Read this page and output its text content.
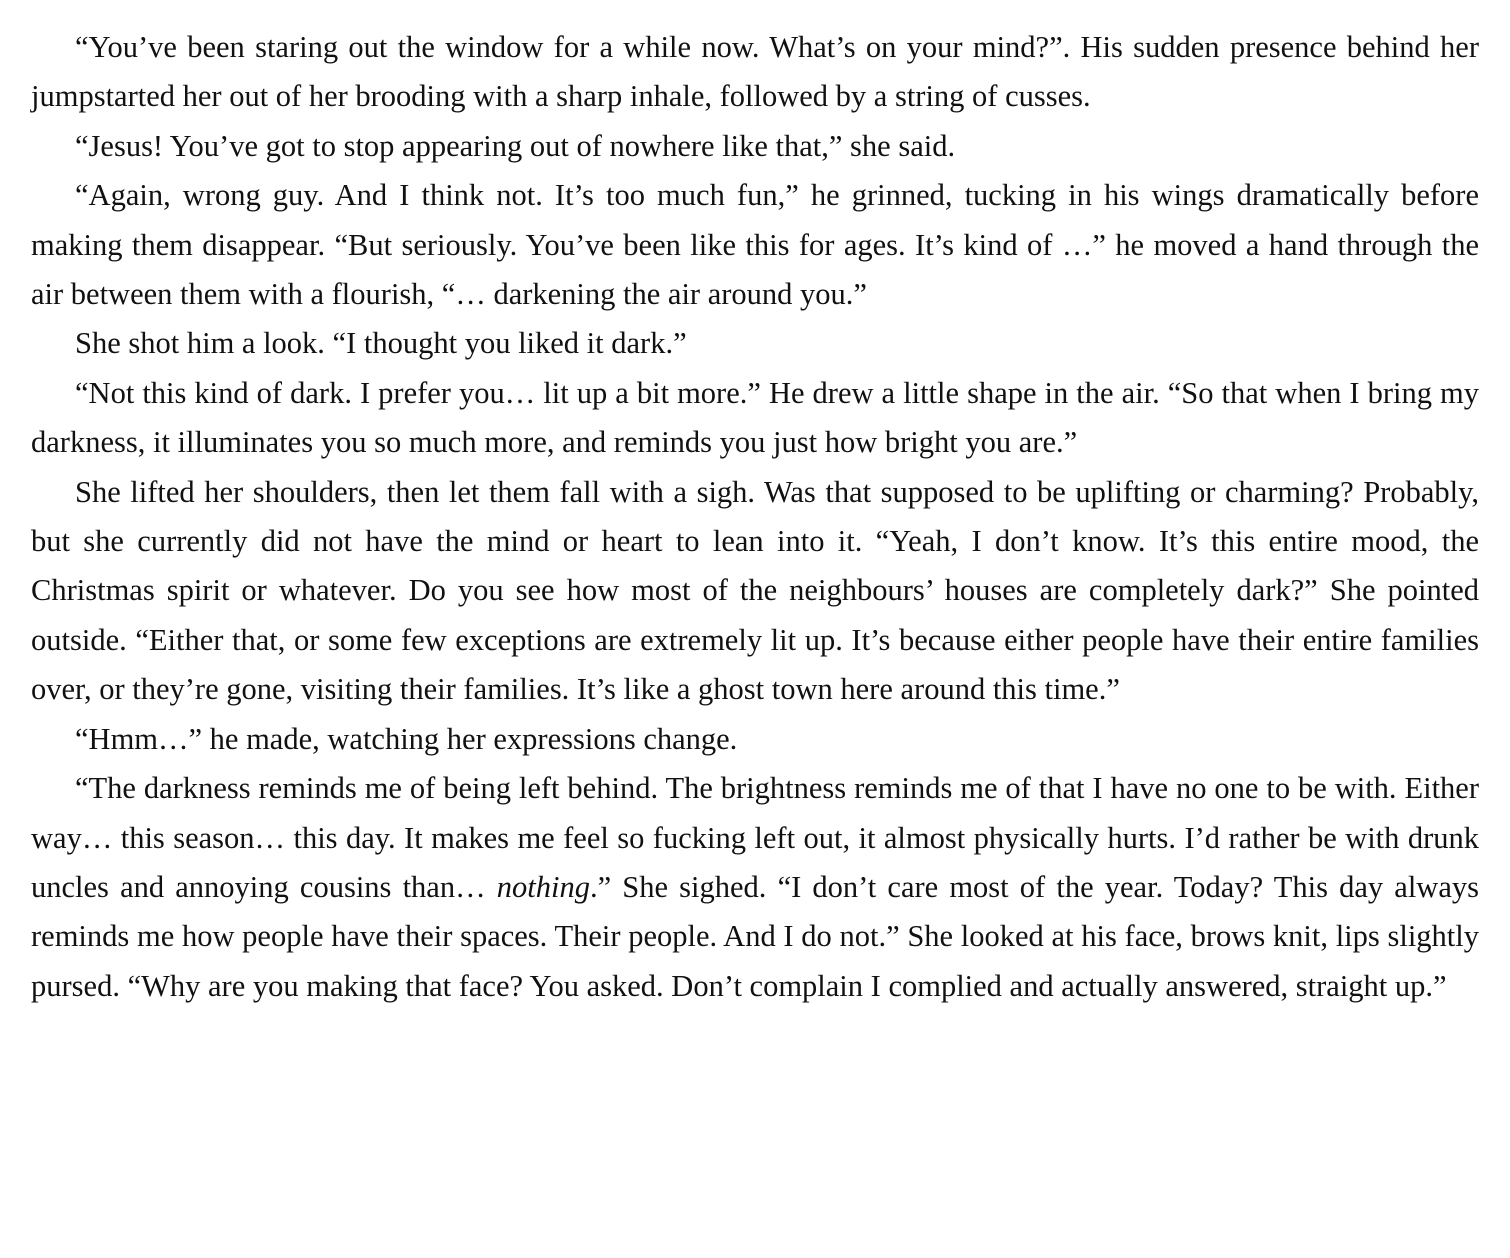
“You’ve been staring out the window for a while now. What’s on your mind?”. His sudden presence behind her jumpstarted her out of her brooding with a sharp inhale, followed by a string of cusses.

“Jesus! You’ve got to stop appearing out of nowhere like that,” she said.

“Again, wrong guy. And I think not. It’s too much fun,” he grinned, tucking in his wings dramatically before making them disappear. “But seriously. You’ve been like this for ages. It’s kind of …” he moved a hand through the air between them with a flourish, “… darkening the air around you.”

She shot him a look. “I thought you liked it dark.”

“Not this kind of dark. I prefer you… lit up a bit more.” He drew a little shape in the air. “So that when I bring my darkness, it illuminates you so much more, and reminds you just how bright you are.”

She lifted her shoulders, then let them fall with a sigh. Was that supposed to be uplifting or charming? Probably, but she currently did not have the mind or heart to lean into it. “Yeah, I don’t know. It’s this entire mood, the Christmas spirit or whatever. Do you see how most of the neighbours’ houses are completely dark?” She pointed outside. “Either that, or some few exceptions are extremely lit up. It’s because either people have their entire families over, or they’re gone, visiting their families. It’s like a ghost town here around this time.”

“Hmm…” he made, watching her expressions change.

“The darkness reminds me of being left behind. The brightness reminds me of that I have no one to be with. Either way… this season… this day. It makes me feel so fucking left out, it almost physically hurts. I’d rather be with drunk uncles and annoying cousins than… nothing.” She sighed. “I don’t care most of the year. Today? This day always reminds me how people have their spaces. Their people. And I do not.” She looked at his face, brows knit, lips slightly pursed. “Why are you making that face? You asked. Don’t complain I complied and actually answered, straight up.”
